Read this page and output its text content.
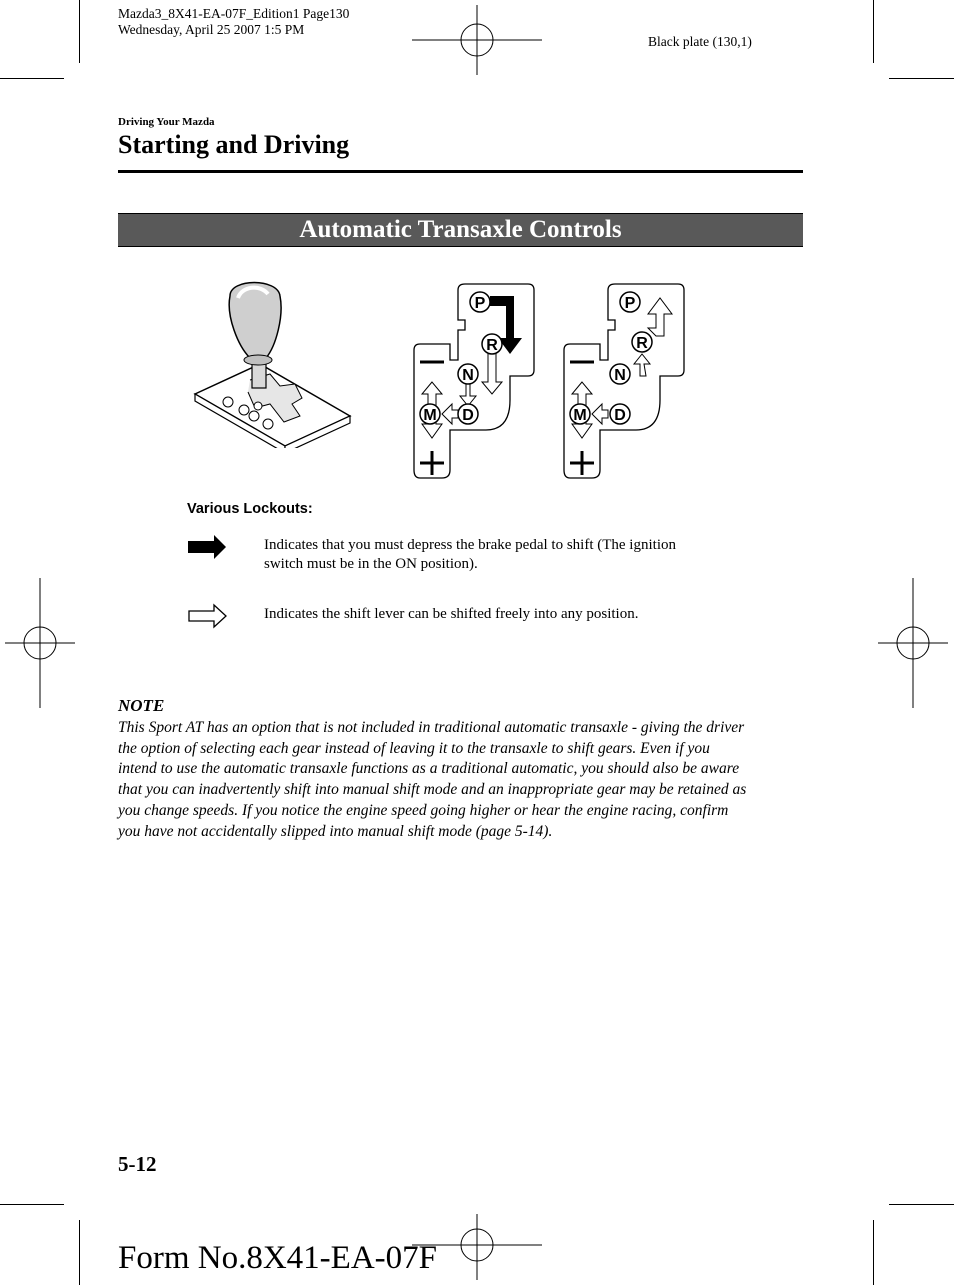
Mazda3_8X41-EA-07F_Edition1 Page130
Wednesday, April 25 2007 1:5 PM
Black plate (130,1)
Driving Your Mazda
Starting and Driving
Automatic Transaxle Controls
P
R
N
D
M
P
R
N
D
M
Various Lockouts:
Indicates that you must depress the brake pedal to shift (The ignition
switch must be in the ON position).
Indicates the shift lever can be shifted freely into any position.
NOTE
This Sport AT has an option that is not included in traditional automatic transaxle - giving the driver
the option of selecting each gear instead of leaving it to the transaxle to shift gears. Even if you
intend to use the automatic transaxle functions as a traditional automatic, you should also be aware
that you can inadvertently shift into manual shift mode and an inappropriate gear may be retained as
you change speeds. If you notice the engine speed going higher or hear the engine racing, confirm
you have not accidentally slipped into manual shift mode (page 5-14).
5-12
Form No.8X41-EA-07F
